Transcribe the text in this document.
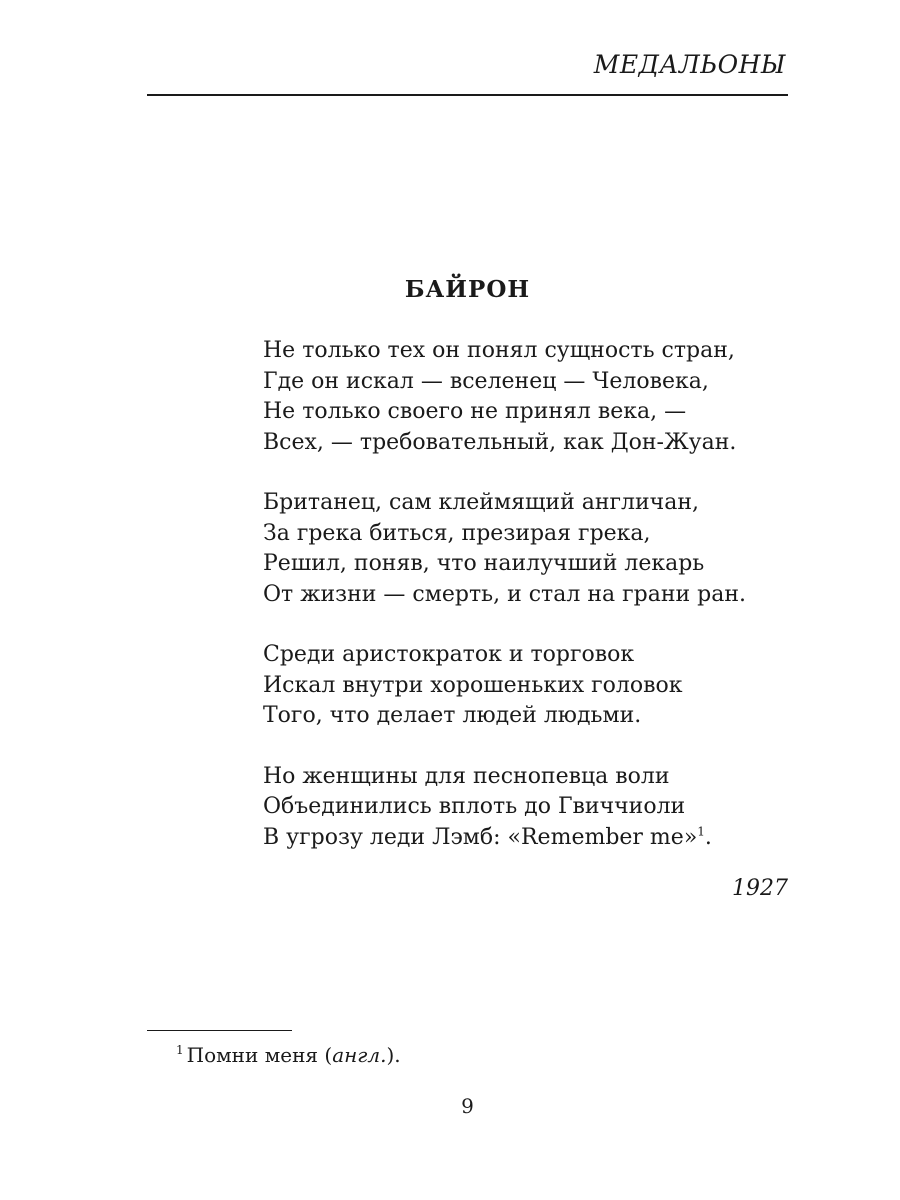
МЕДАЛЬОНЫ
БАЙРОН
Не только тех он понял сущность стран,
Где он искал — вселенец — Человека,
Не только своего не принял века, —
Всех, — требовательный, как Дон-Жуан.
Британец, сам клеймящий англичан,
За грека биться, презирая грека,
Решил, поняв, что наилучший лекарь
От жизни — смерть, и стал на грани ран.
Среди аристократок и торговок
Искал внутри хорошеньких головок
Того, что делает людей людьми.
Но женщины для песнопевца воли
Объединились вплоть до Гвиччиоли
В угрозу леди Лэмб: «Remember me»$^1$.
1927
$^1$ Помни меня (англ.).
9
